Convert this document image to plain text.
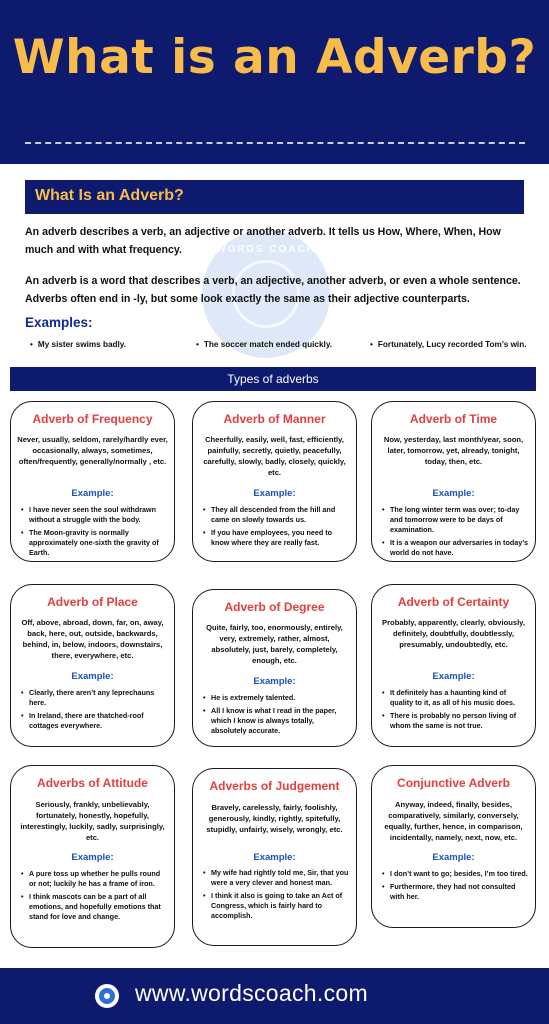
What is an Adverb?
What Is an Adverb?
WORDS COACH

An adverb describes a verb, an adjective or another adverb. It tells us How, Where, When, How much and with what frequency.

An adverb is a word that describes a verb, an adjective, another adverb, or even a whole sentence. Adverbs often end in -ly, but some look exactly the same as their adjective counterparts.

Examples:
• My sister swims badly.	• The soccer match ended quickly.	• Fortunately, Lucy recorded Tom’s win.
Types of adverbs
Adverb of Frequency
Never, usually, seldom, rarely/hardly ever, occasionally, always, sometimes, often/frequently, generally/normally , etc.
Example:
• I have never seen the soul withdrawn without a struggle with the body.
• The Moon-gravity is normally approximately one-sixth the gravity of Earth.
Adverb of Manner
Cheerfully, easily, well, fast, efficiently, painfully, secretly, quietly, peacefully, carefully, slowly, badly, closely, quickly, etc.
Example:
• They all descended from the hill and came on slowly towards us.
• If you have employees, you need to know where they are really fast.
Adverb of Time
Now, yesterday, last month/year, soon, later, tomorrow, yet, already, tonight, today, then, etc.
Example:
• The long winter term was over; to-day and tomorrow were to be days of examination.
• It is a weapon our adversaries in today’s world do not have.
Adverb of Place
Off, above, abroad, down, far, on, away, back, here, out, outside, backwards, behind, in, below, indoors, downstairs, there, everywhere, etc.
Example:
• Clearly, there aren’t any leprechauns here.
• In Ireland, there are thatched-roof cottages everywhere.
Adverb of Degree
Quite, fairly, too, enormously, entirely, very, extremely, rather, almost, absolutely, just, barely, completely, enough, etc.
Example:
• He is extremely talented.
• All I know is what I read in the paper, which I know is always totally, absolutely accurate.
Adverb of Certainty
Probably, apparently, clearly, obviously, definitely, doubtfully, doubtlessly, presumably, undoubtedly, etc.
Example:
• It definitely has a haunting kind of quality to it, as all of his music does.
• There is probably no person living of whom the same is not true.
Adverbs of Attitude
Seriously, frankly, unbelievably, fortunately, honestly, hopefully, interestingly, luckily, sadly, surprisingly, etc.
Example:
• A pure toss up whether he pulls round or not; luckily he has a frame of iron.
• I think mascots can be a part of all emotions, and hopefully emotions that stand for love and change.
Adverbs of Judgement
Bravely, carelessly, fairly, foolishly, generously, kindly, rightly, spitefully, stupidly, unfairly, wisely, wrongly, etc.
Example:
• My wife had rightly told me, Sir, that you were a very clever and honest man.
• I think it also is going to take an Act of Congress, which is fairly hard to accomplish.
Conjunctive Adverb
Anyway, indeed, finally, besides, comparatively, similarly, conversely, equally, further, hence, in comparison, incidentally, namely, next, now, etc.
Example:
• I don’t want to go; besides, I’m too tired.
• Furthermore, they had not consulted with her.
www.wordscoach.com
